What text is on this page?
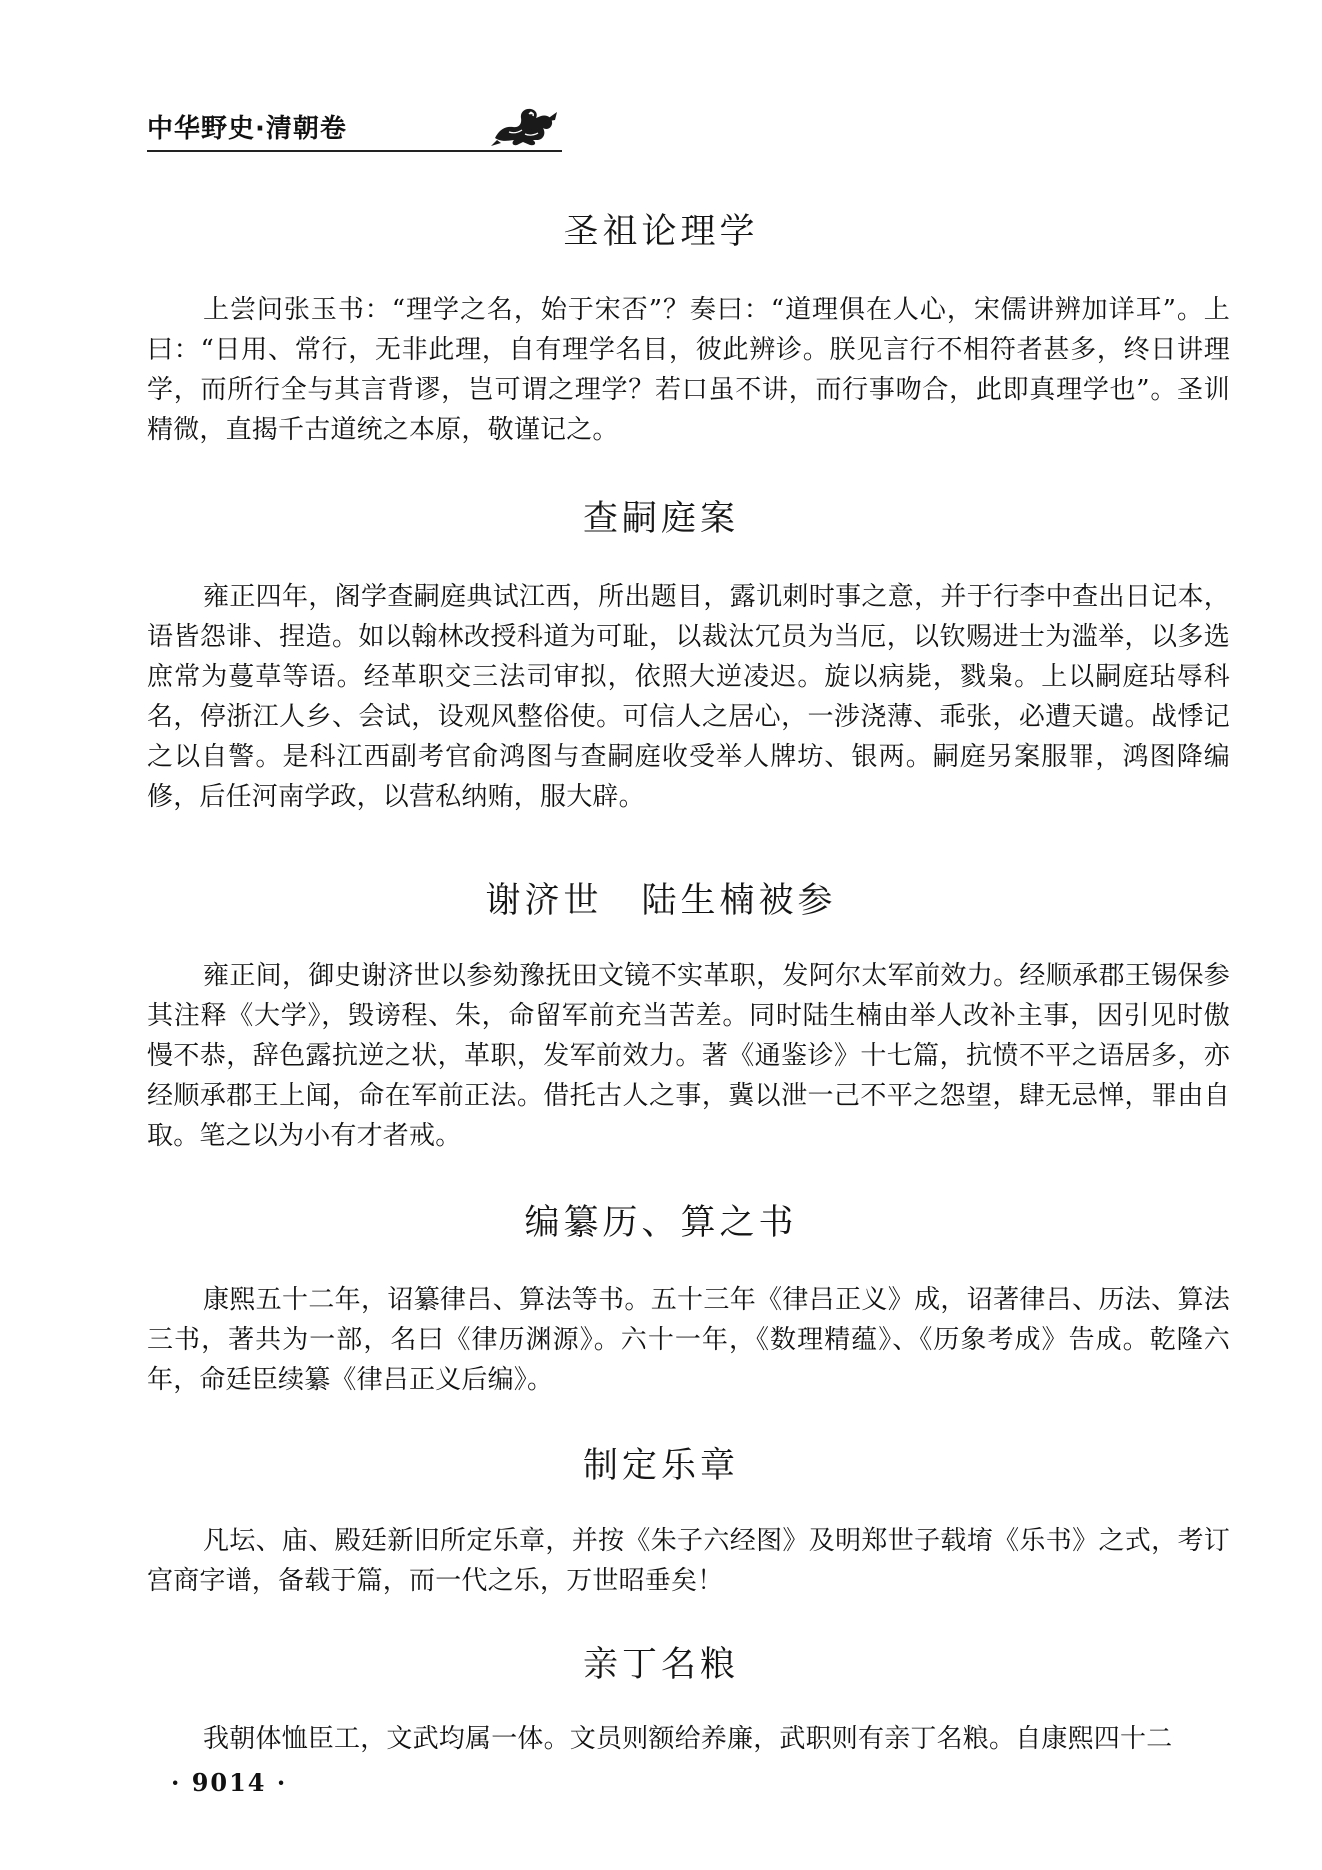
中华野史·清朝卷
圣祖论理学

上尝问张玉书：“理学之名，始于宋否”？奏曰：“道理俱在人心，宋儒讲辨加详耳”。上曰：“日用、常行，无非此理，自有理学名目，彼此辨诊。朕见言行不相符者甚多，终日讲理学，而所行全与其言背谬，岂可谓之理学？若口虽不讲，而行事吻合，此即真理学也”。圣训精微，直揭千古道统之本原，敬谨记之。

查嗣庭案

雍正四年，阁学查嗣庭典试江西，所出题目，露讥刺时事之意，并于行李中查出日记本，语皆怨诽、捏造。如以翰林改授科道为可耻，以裁汰冗员为当厄，以钦赐进士为滥举，以多选庶常为蔓草等语。经革职交三法司审拟，依照大逆凌迟。旋以病毙，戮枭。上以嗣庭玷辱科名，停浙江人乡、会试，设观风整俗使。可信人之居心，一涉浇薄、乖张，必遭天谴。战悸记之以自警。是科江西副考官俞鸿图与查嗣庭收受举人牌坊、银两。嗣庭另案服罪，鸿图降编修，后任河南学政，以营私纳贿，服大辟。

谢济世　陆生楠被参

雍正间，御史谢济世以参劾豫抚田文镜不实革职，发阿尔太军前效力。经顺承郡王锡保参其注释《大学》，毁谤程、朱，命留军前充当苦差。同时陆生楠由举人改补主事，因引见时傲慢不恭，辞色露抗逆之状，革职，发军前效力。著《通鉴诊》十七篇，抗愤不平之语居多，亦经顺承郡王上闻，命在军前正法。借托古人之事，冀以泄一己不平之怨望，肆无忌惮，罪由自取。笔之以为小有才者戒。

编纂历、算之书

康熙五十二年，诏纂律吕、算法等书。五十三年《律吕正义》成，诏著律吕、历法、算法三书，著共为一部，名曰《律历渊源》。六十一年，《数理精蕴》、《历象考成》告成。乾隆六年，命廷臣续纂《律吕正义后编》。

制定乐章

凡坛、庙、殿廷新旧所定乐章，并按《朱子六经图》及明郑世子载堉《乐书》之式，考订宫商字谱，备载于篇，而一代之乐，万世昭垂矣！

亲丁名粮

我朝体恤臣工，文武均属一体。文员则额给养廉，武职则有亲丁名粮。自康熙四十二

· 9014 ·
